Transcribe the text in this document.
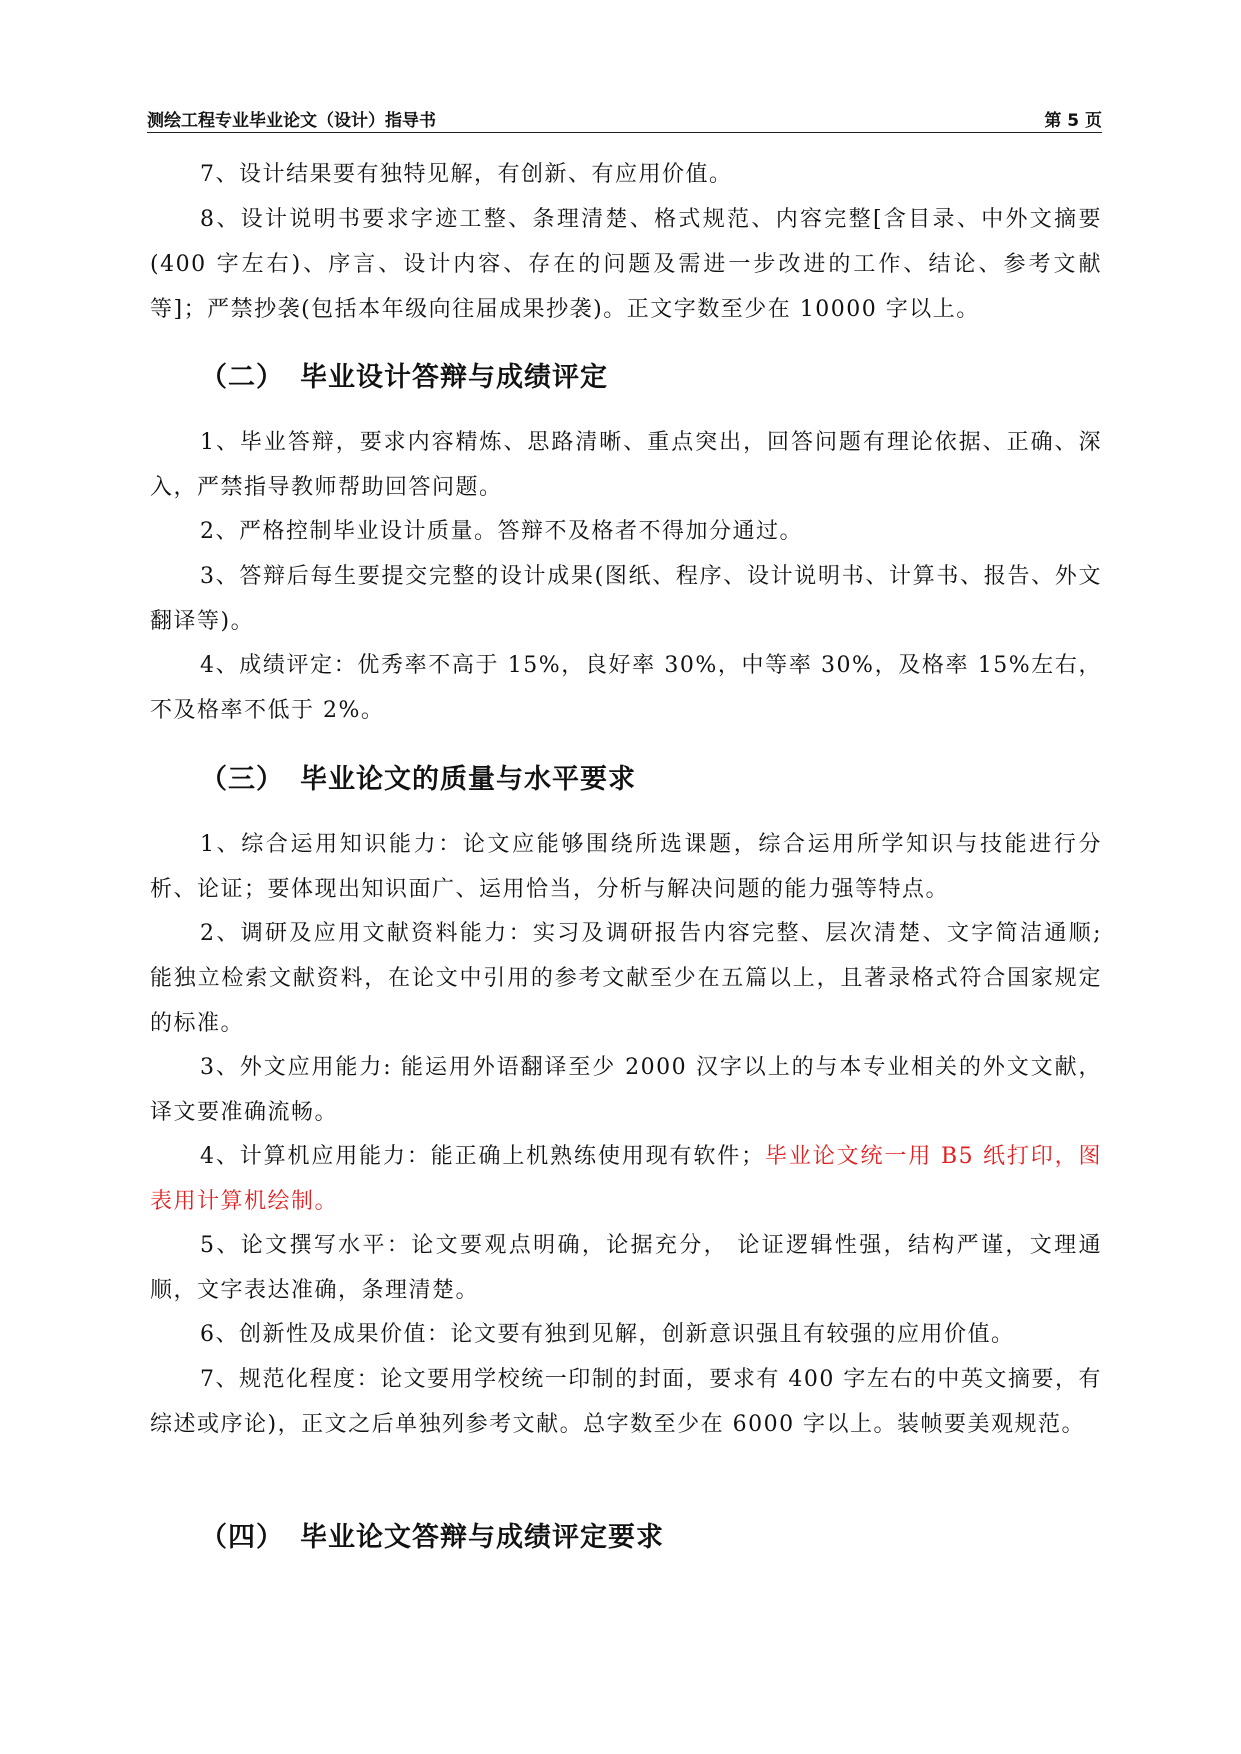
测绘工程专业毕业论文（设计）指导书	第 5 页

7、设计结果要有独特见解，有创新、有应用价值。

8、设计说明书要求字迹工整、条理清楚、格式规范、内容完整[含目录、中外文摘要(400 字左右)、序言、设计内容、存在的问题及需进一步改进的工作、结论、参考文献等]；严禁抄袭(包括本年级向往届成果抄袭)。正文字数至少在 10000 字以上。

（二） 毕业设计答辩与成绩评定

1、毕业答辩，要求内容精炼、思路清晰、重点突出，回答问题有理论依据、正确、深入，严禁指导教师帮助回答问题。

2、严格控制毕业设计质量。答辩不及格者不得加分通过。

3、答辩后每生要提交完整的设计成果(图纸、程序、设计说明书、计算书、报告、外文翻译等)。

4、成绩评定：优秀率不高于 15%，良好率 30%，中等率 30%，及格率 15%左右，不及格率不低于 2%。

（三） 毕业论文的质量与水平要求

1、综合运用知识能力：论文应能够围绕所选课题，综合运用所学知识与技能进行分析、论证；要体现出知识面广、运用恰当，分析与解决问题的能力强等特点。

2、调研及应用文献资料能力：实习及调研报告内容完整、层次清楚、文字简洁通顺; 能独立检索文献资料，在论文中引用的参考文献至少在五篇以上，且著录格式符合国家规定的标准。

3、外文应用能力: 能运用外语翻译至少 2000 汉字以上的与本专业相关的外文文献，译文要准确流畅。

4、计算机应用能力：能正确上机熟练使用现有软件；毕业论文统一用 B5 纸打印，图表用计算机绘制。

5、论文撰写水平：论文要观点明确，论据充分， 论证逻辑性强，结构严谨，文理通顺，文字表达准确，条理清楚。

6、创新性及成果价值：论文要有独到见解，创新意识强且有较强的应用价值。

7、规范化程度：论文要用学校统一印制的封面，要求有 400 字左右的中英文摘要，有综述或序论)，正文之后单独列参考文献。总字数至少在 6000 字以上。装帧要美观规范。

（四） 毕业论文答辩与成绩评定要求
